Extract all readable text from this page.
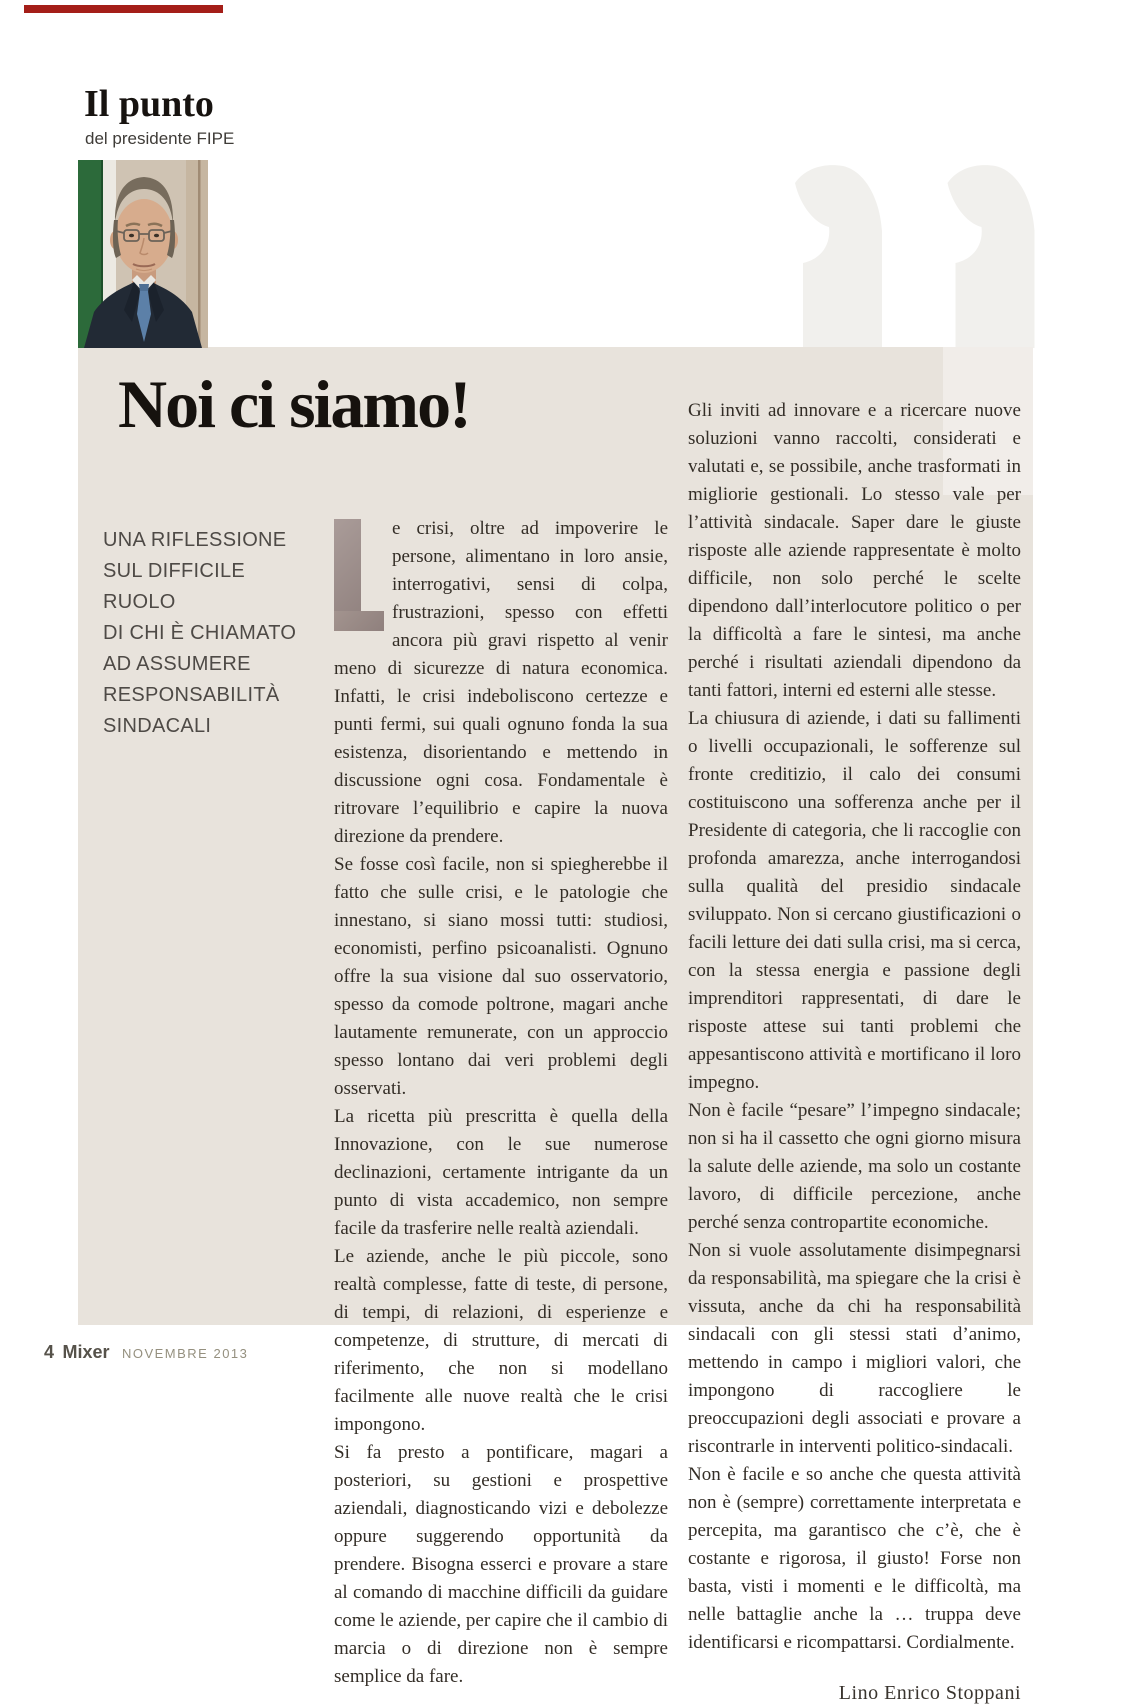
Il punto
del presidente FIPE
Noi ci siamo!
UNA RIFLESSIONE
SUL DIFFICILE RUOLO
DI CHI È CHIAMATO
AD ASSUMERE
RESPONSABILITÀ
SINDACALI

e crisi, oltre ad impoverire le persone, alimentano in loro ansie, interrogativi, sensi di colpa, frustrazioni, spesso con effetti ancora più gravi rispetto al venir meno di sicurezze di natura economica. Infatti, le crisi indeboliscono certezze e punti fermi, sui quali ognuno fonda la sua esistenza, disorientando e mettendo in discussione ogni cosa. Fondamentale è ritrovare l’equilibrio e capire la nuova direzione da prendere.

Se fosse così facile, non si spiegherebbe il fatto che sulle crisi, e le patologie che innestano, si siano mossi tutti: studiosi, economisti, perfino psicoanalisti. Ognuno offre la sua visione dal suo osservatorio, spesso da comode poltrone, magari anche lautamente remunerate, con un approccio spesso lontano dai veri problemi degli osservati.

La ricetta più prescritta è quella della Innovazione, con le sue numerose declinazioni, certamente intrigante da un punto di vista accademico, non sempre facile da trasferire nelle realtà aziendali.

Le aziende, anche le più piccole, sono realtà complesse, fatte di teste, di persone, di tempi, di relazioni, di esperienze e competenze, di strutture, di mercati di riferimento, che non si modellano facilmente alle nuove realtà che le crisi impongono.

Si fa presto a pontificare, magari a posteriori, su gestioni e prospettive aziendali, diagnosticando vizi e debolezze oppure suggerendo opportunità da prendere. Bisogna esserci e provare a stare al comando di macchine difficili da guidare come le aziende, per capire che il cambio di marcia o di direzione non è sempre semplice da fare.

Gli inviti ad innovare e a ricercare nuove soluzioni vanno raccolti, considerati e valutati e, se possibile, anche trasformati in migliorie gestionali. Lo stesso vale per l’attività sindacale. Saper dare le giuste risposte alle aziende rappresentate è molto difficile, non solo perché le scelte dipendono dall’interlocutore politico o per la difficoltà a fare le sintesi, ma anche perché i risultati aziendali dipendono da tanti fattori, interni ed esterni alle stesse.

La chiusura di aziende, i dati su fallimenti o livelli occupazionali, le sofferenze sul fronte creditizio, il calo dei consumi costituiscono una sofferenza anche per il Presidente di categoria, che li raccoglie con profonda amarezza, anche interrogandosi sulla qualità del presidio sindacale sviluppato. Non si cercano giustificazioni o facili letture dei dati sulla crisi, ma si cerca, con la stessa energia e passione degli imprenditori rappresentati, di dare le risposte attese sui tanti problemi che appesantiscono attività e mortificano il loro impegno.

Non è facile “pesare” l’impegno sindacale; non si ha il cassetto che ogni giorno misura la salute delle aziende, ma solo un costante lavoro, di difficile percezione, anche perché senza contropartite economiche.

Non si vuole assolutamente disimpegnarsi da responsabilità, ma spiegare che la crisi è vissuta, anche da chi ha responsabilità sindacali con gli stessi stati d’animo, mettendo in campo i migliori valori, che impongono di raccogliere le preoccupazioni degli associati e provare a riscontrarle in interventi politico-sindacali.

Non è facile e so anche che questa attività non è (sempre) correttamente interpretata e percepita, ma garantisco che c’è, che è costante e rigorosa, il giusto! Forse non basta, visti i momenti e le difficoltà, ma nelle battaglie anche la … truppa deve identificarsi e ricompattarsi. Cordialmente.

Lino Enrico Stoppani
4 Mixer NOVEMBRE 2013
